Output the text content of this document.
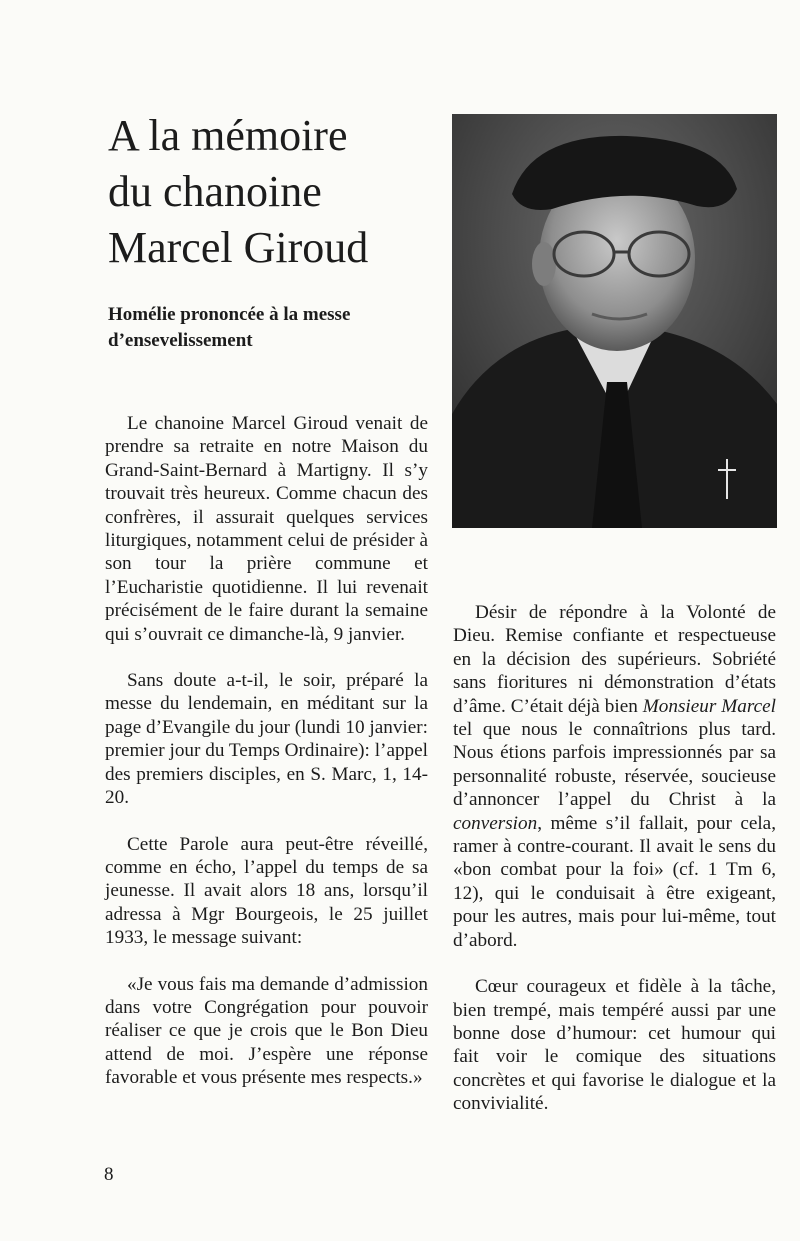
A la mémoire
du chanoine
Marcel Giroud

Homélie prononcée à la messe d’ensevelissement

Le chanoine Marcel Giroud venait de prendre sa retraite en notre Maison du Grand-Saint-Bernard à Martigny. Il s’y trouvait très heureux. Comme chacun des confrères, il assurait quelques services liturgiques, notamment celui de présider à son tour la prière commune et l’Eucharistie quotidienne. Il lui revenait précisément de le faire durant la semaine qui s’ouvrait ce dimanche-là, 9 janvier.

Sans doute a-t-il, le soir, préparé la messe du lendemain, en méditant sur la page d’Evangile du jour (lundi 10 janvier: premier jour du Temps Ordinaire): l’appel des premiers disciples, en S. Marc, 1, 14-20.

Cette Parole aura peut-être réveillé, comme en écho, l’appel du temps de sa jeunesse. Il avait alors 18 ans, lorsqu’il adressa à Mgr Bourgeois, le 25 juillet 1933, le message suivant:

«Je vous fais ma demande d’admission dans votre Congrégation pour pouvoir réaliser ce que je crois que le Bon Dieu attend de moi. J’espère une réponse favorable et vous présente mes respects.»

Désir de répondre à la Volonté de Dieu. Remise confiante et respectueuse en la décision des supérieurs. Sobriété sans fioritures ni démonstration d’états d’âme. C’était déjà bien Monsieur Marcel tel que nous le connaîtrions plus tard. Nous étions parfois impressionnés par sa personnalité robuste, réservée, soucieuse d’annoncer l’appel du Christ à la conversion, même s’il fallait, pour cela, ramer à contre-courant. Il avait le sens du «bon combat pour la foi» (cf. 1 Tm 6, 12), qui le conduisait à être exigeant, pour les autres, mais pour lui-même, tout d’abord.

Cœur courageux et fidèle à la tâche, bien trempé, mais tempéré aussi par une bonne dose d’humour: cet humour qui fait voir le comique des situations concrètes et qui favorise le dialogue et la convivialité.

8
